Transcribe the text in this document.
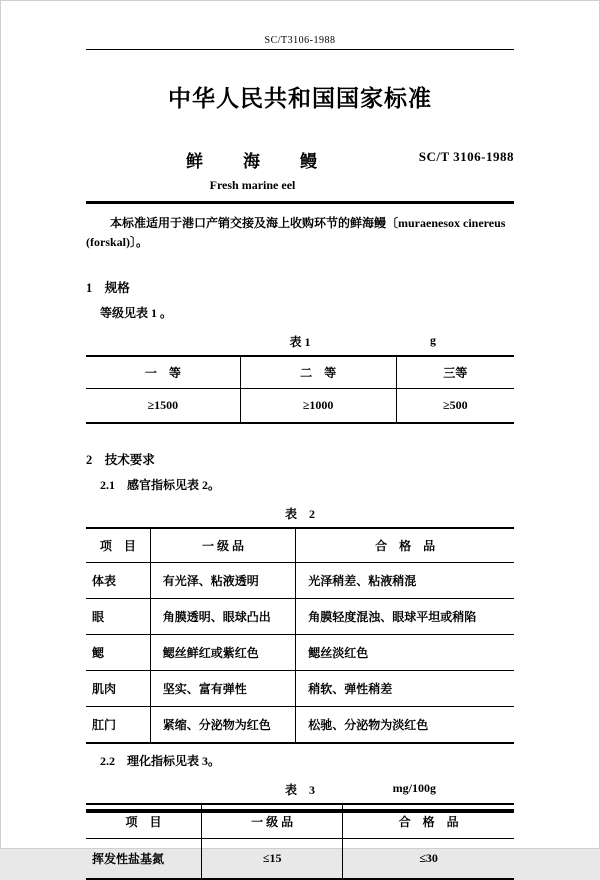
SC/T3106-1988
中华人民共和国国家标准
鲜　　海　　鳗	SC/T 3106-1988
Fresh marine eel

本标准适用于港口产销交接及海上收购环节的鲜海鳗〔muraenesox cinereus (forskal)〕。

1　规格
等级见表 1 。
表 1	g
一　等	二　等	三等
≥1500	≥1000	≥500
2　技术要求
2.1　感官指标见表 2。
表　2
项　目	一 级 品	合　格　品
体表	有光泽、粘液透明	光泽稍差、粘液稍混
眼	角膜透明、眼球凸出	角膜轻度混浊、眼球平坦或稍陷
鳃	鳃丝鲜红或紫红色	鳃丝淡红色
肌肉	坚实、富有弹性	稍软、弹性稍差
肛门	紧缩、分泌物为红色	松驰、分泌物为淡红色
2.2　理化指标见表 3。
表　3	mg/100g
项　目	一 级 品	合　格　品
挥发性盐基氮	≤15	≤30
